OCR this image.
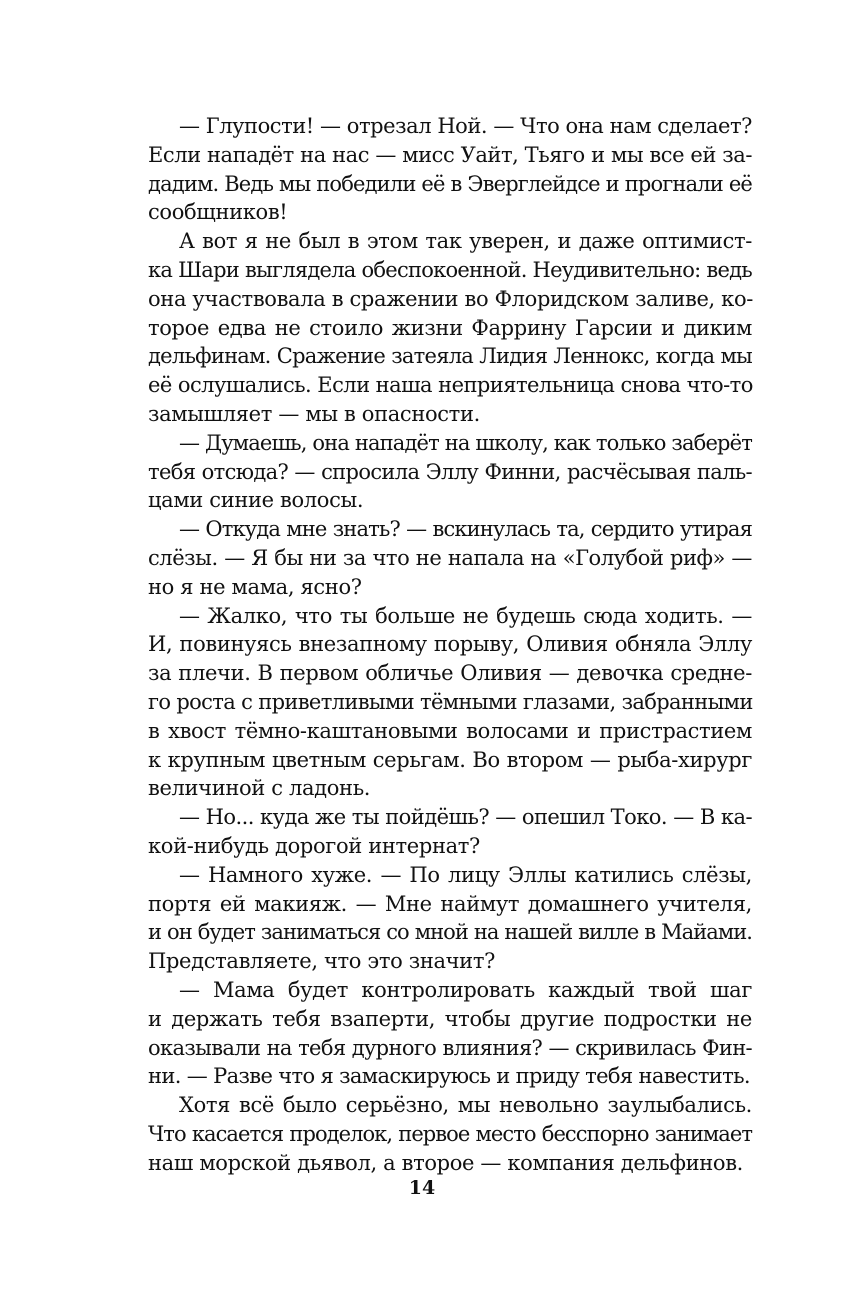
— Глупости! — отрезал Ной. — Что она нам сделает?
Если нападёт на нас — мисс Уайт, Тьяго и мы все ей за-
дадим. Ведь мы победили её в Эверглейдсе и прогнали её
сообщников!
А вот я не был в этом так уверен, и даже оптимист-
ка Шари выглядела обеспокоенной. Неудивительно: ведь
она участвовала в сражении во Флоридском заливе, ко-
торое едва не стоило жизни Фаррину Гарсии и диким
дельфинам. Сражение затеяла Лидия Леннокс, когда мы
её ослушались. Если наша неприятельница снова что-то
замышляет — мы в опасности.
— Думаешь, она нападёт на школу, как только заберёт
тебя отсюда? — спросила Эллу Финни, расчёсывая паль-
цами синие волосы.
— Откуда мне знать? — вскинулась та, сердито утирая
слёзы. — Я бы ни за что не напала на «Голубой риф» —
но я не мама, ясно?
— Жалко, что ты больше не будешь сюда ходить. —
И, повинуясь внезапному порыву, Оливия обняла Эллу
за плечи. В первом обличье Оливия — девочка средне-
го роста с приветливыми тёмными глазами, забранными
в хвост тёмно-каштановыми волосами и пристрастием
к крупным цветным серьгам. Во втором — рыба-хирург
величиной с ладонь.
— Но... куда же ты пойдёшь? — опешил Токо. — В ка-
кой-нибудь дорогой интернат?
— Намного хуже. — По лицу Эллы катились слёзы,
портя ей макияж. — Мне наймут домашнего учителя,
и он будет заниматься со мной на нашей вилле в Майами.
Представляете, что это значит?
— Мама будет контролировать каждый твой шаг
и держать тебя взаперти, чтобы другие подростки не
оказывали на тебя дурного влияния? — скривилась Фин-
ни. — Разве что я замаскируюсь и приду тебя навестить.
Хотя всё было серьёзно, мы невольно заулыбались.
Что касается проделок, первое место бесспорно занимает
наш морской дьявол, а второе — компания дельфинов.
14
